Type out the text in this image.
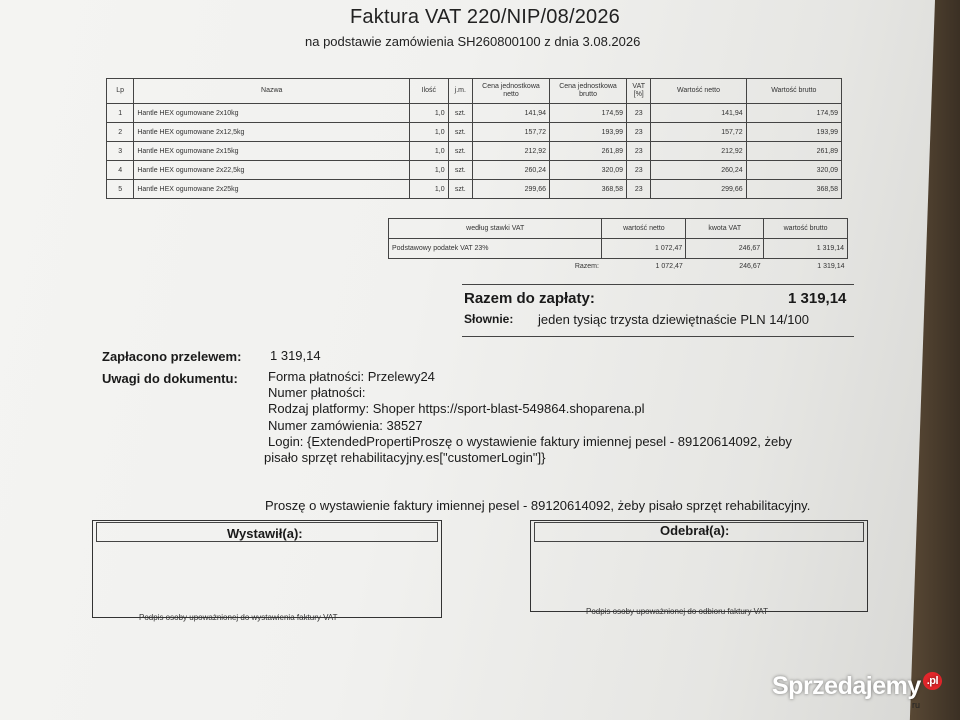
Faktura VAT 220/NIP/08/2026
na podstawie zamówienia SH260800100 z dnia 3.08.2026
Lp	Nazwa	Ilość	j.m.	Cena jednostkowa netto	Cena jednostkowa brutto	VAT [%]	Wartość netto	Wartość brutto
1	Hantle HEX ogumowane 2x10kg	1,0	szt.	141,94	174,59	23	141,94	174,59
2	Hantle HEX ogumowane 2x12,5kg	1,0	szt.	157,72	193,99	23	157,72	193,99
3	Hantle HEX ogumowane 2x15kg	1,0	szt.	212,92	261,89	23	212,92	261,89
4	Hantle HEX ogumowane 2x22,5kg	1,0	szt.	260,24	320,09	23	260,24	320,09
5	Hantle HEX ogumowane 2x25kg	1,0	szt.	299,66	368,58	23	299,66	368,58
według stawki VAT	wartość netto	kwota VAT	wartość brutto
Podstawowy podatek VAT 23%	1 072,47	246,67	1 319,14
Razem:	1 072,47	246,67	1 319,14
Razem do zapłaty:	1 319,14
Słownie: jeden tysiąc trzysta dziewiętnaście PLN 14/100
Zapłacono przelewem: 1 319,14
Uwagi do dokumentu: Forma płatności: Przelewy24
Numer płatności:
Rodzaj platformy: Shoper https://sport-blast-549864.shoparena.pl
Numer zamówienia: 38527
Login: {ExtendedPropertiProszę o wystawienie faktury imiennej pesel - 89120614092, żeby
pisało sprzęt rehabilitacyjny.es["customerLogin"]}
Proszę o wystawienie faktury imiennej pesel - 89120614092, żeby pisało sprzęt rehabilitacyjny.
Wystawił(a):
Podpis osoby upoważnionej do wystawienia faktury VAT
Odebrał(a):
Podpis osoby upoważnionej do odbioru faktury VAT
Sprzedajemy .pl
ru
